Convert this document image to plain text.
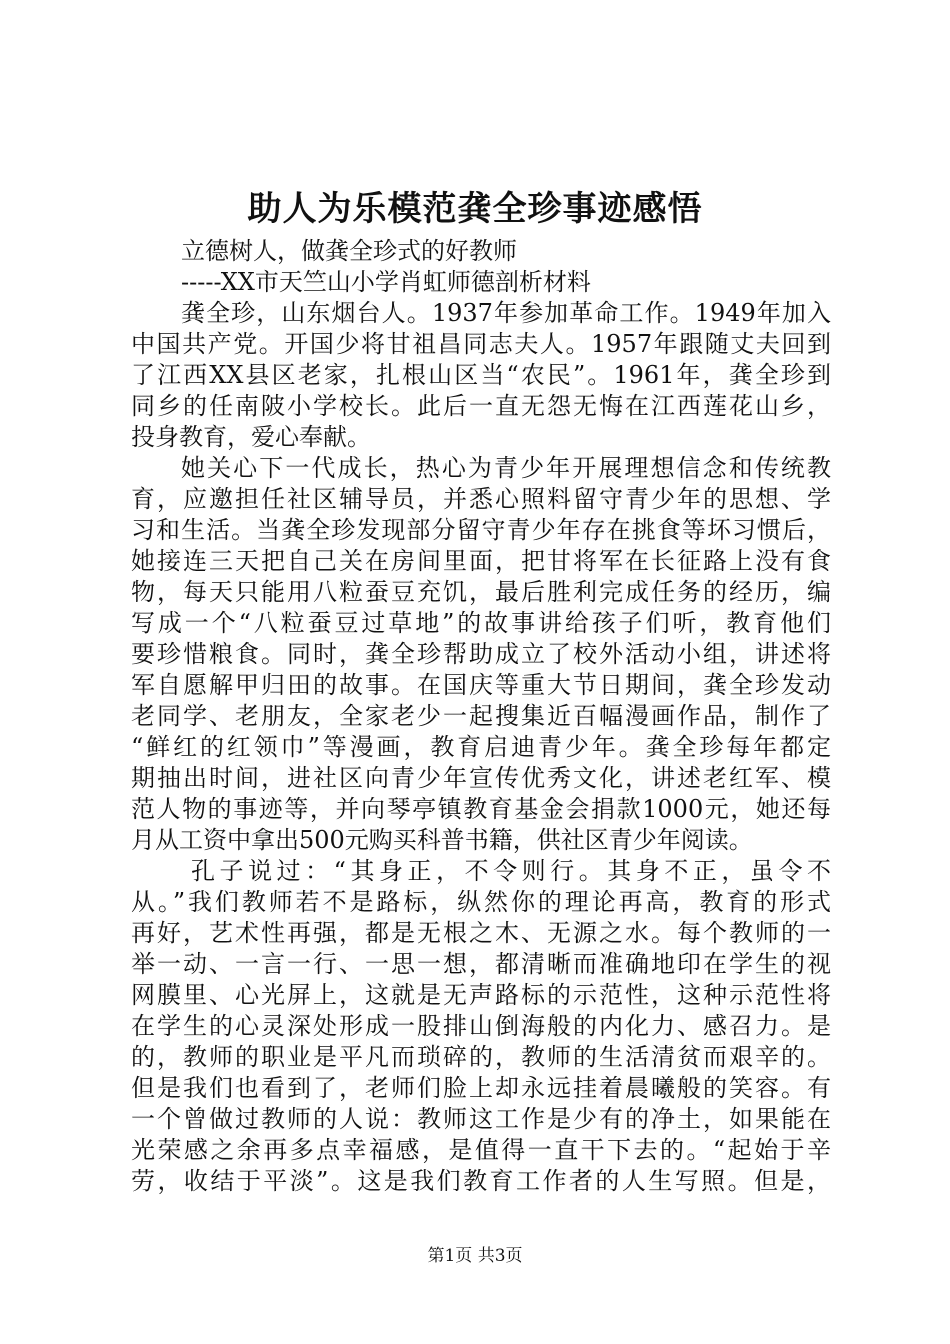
助人为乐模范龚全珍事迹感悟
立德树人，做龚全珍式的好教师
-----XX市天竺山小学肖虹师德剖析材料
龚全珍，山东烟台人。1937年参加革命工作。1949年加入
中国共产党。开国少将甘祖昌同志夫人。1957年跟随丈夫回到
了江西XX县区老家，扎根山区当“农民”。1961年，龚全珍到
同乡的任南陂小学校长。此后一直无怨无悔在江西莲花山乡，
投身教育，爱心奉献。
她关心下一代成长，热心为青少年开展理想信念和传统教
育，应邀担任社区辅导员，并悉心照料留守青少年的思想、学
习和生活。当龚全珍发现部分留守青少年存在挑食等坏习惯后，
她接连三天把自己关在房间里面，把甘将军在长征路上没有食
物，每天只能用八粒蚕豆充饥，最后胜利完成任务的经历，编
写成一个“八粒蚕豆过草地”的故事讲给孩子们听，教育他们
要珍惜粮食。同时，龚全珍帮助成立了校外活动小组，讲述将
军自愿解甲归田的故事。在国庆等重大节日期间，龚全珍发动
老同学、老朋友，全家老少一起搜集近百幅漫画作品，制作了
“鲜红的红领巾”等漫画，教育启迪青少年。龚全珍每年都定
期抽出时间，进社区向青少年宣传优秀文化，讲述老红军、模
范人物的事迹等，并向琴亭镇教育基金会捐款1000元，她还每
月从工资中拿出500元购买科普书籍，供社区青少年阅读。
孔子说过：“其身正，不令则行。其身不正，虽令不
从。”我们教师若不是路标，纵然你的理论再高，教育的形式
再好，艺术性再强，都是无根之木、无源之水。每个教师的一
举一动、一言一行、一思一想，都清晰而准确地印在学生的视
网膜里、心光屏上，这就是无声路标的示范性，这种示范性将
在学生的心灵深处形成一股排山倒海般的内化力、感召力。是
的，教师的职业是平凡而琐碎的，教师的生活清贫而艰辛的。
但是我们也看到了，老师们脸上却永远挂着晨曦般的笑容。有
一个曾做过教师的人说：教师这工作是少有的净土，如果能在
光荣感之余再多点幸福感，是值得一直干下去的。“起始于辛
劳，收结于平淡”。这是我们教育工作者的人生写照。但是，
第1页 共3页
